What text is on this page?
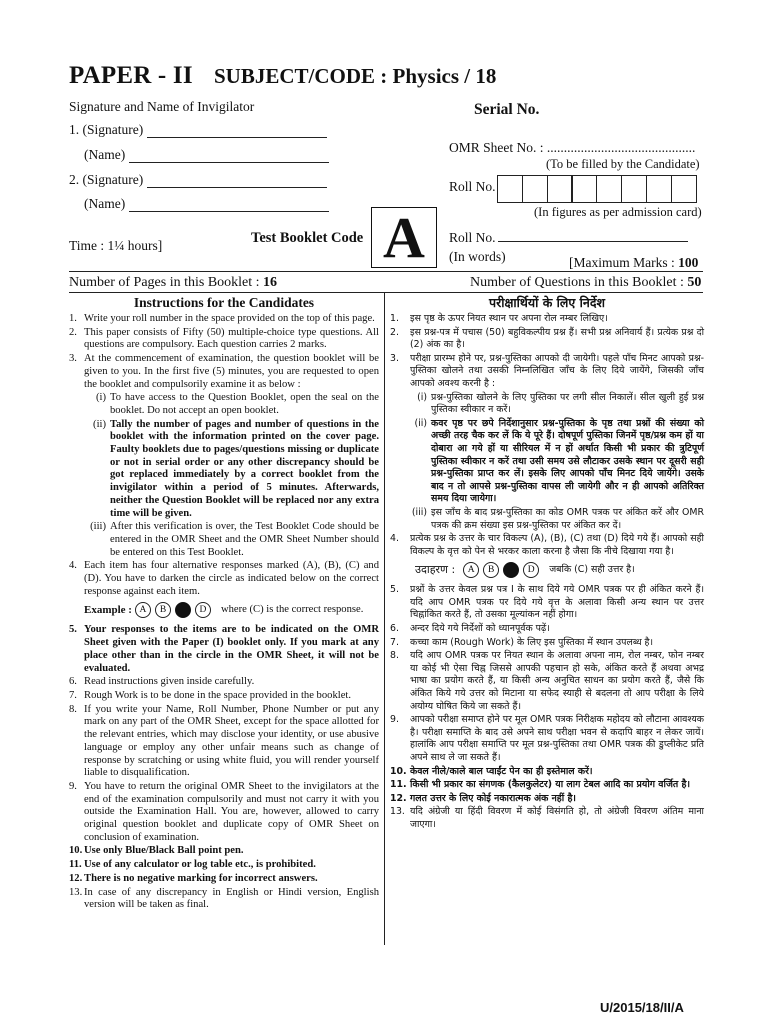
PAPER - II SUBJECT/CODE : Physics / 18
Signature and Name of Invigilator	Serial No.
1. (Signature)
(Name)
2. (Signature)
(Name)
OMR Sheet No. : ............................................
(To be filled by the Candidate)
Roll No.
(In figures as per admission card)
Test Booklet Code A
Time : 1¼ hours]
Roll No.
(In words)	[Maximum Marks : 100
Number of Pages in this Booklet : 16	Number of Questions in this Booklet : 50
Instructions for the Candidates
1. Write your roll number in the space provided on the top of this page.
2. This paper consists of Fifty (50) multiple-choice type questions. All questions are compulsory. Each question carries 2 marks.
3. At the commencement of examination, the question booklet will be given to you. In the first five (5) minutes, you are requested to open the booklet and compulsorily examine it as below :
(i) To have access to the Question Booklet, open the seal on the booklet. Do not accept an open booklet.
(ii) Tally the number of pages and number of questions in the booklet with the information printed on the cover page. Faulty booklets due to pages/questions missing or duplicate or not in serial order or any other discrepancy should be got replaced immediately by a correct booklet from the invigilator within a period of 5 minutes. Afterwards, neither the Question Booklet will be replaced nor any extra time will be given.
(iii) After this verification is over, the Test Booklet Code should be entered in the OMR Sheet and the OMR Sheet Number should be entered on this Test Booklet.
4. Each item has four alternative responses marked (A), (B), (C) and (D). You have to darken the circle as indicated below on the correct response against each item.
Example : A	B	D	where (C) is the correct response.
5. Your responses to the items are to be indicated on the OMR Sheet given with the Paper (I) booklet only. If you mark at any place other than in the circle in the OMR Sheet, it will not be evaluated.
6. Read instructions given inside carefully.
7. Rough Work is to be done in the space provided in the booklet.
8. If you write your Name, Roll Number, Phone Number or put any mark on any part of the OMR Sheet, except for the space allotted for the relevant entries, which may disclose your identity, or use abusive language or employ any other unfair means such as change of response by scratching or using white fluid, you will render yourself liable to disqualification.
9. You have to return the original OMR Sheet to the invigilators at the end of the examination compulsorily and must not carry it with you outside the Examination Hall. You are, however, allowed to carry original question booklet and duplicate copy of OMR Sheet on conclusion of examination.
10. Use only Blue/Black Ball point pen.
11. Use of any calculator or log table etc., is prohibited.
12. There is no negative marking for incorrect answers.
13. In case of any discrepancy in English or Hindi version, English version will be taken as final.
परीक्षार्थियों के लिए निर्देश
1.	इस पृष्ठ के ऊपर नियत स्थान पर अपना रोल नम्बर लिखिए।
2.	इस प्रश्न-पत्र में पचास (50) बहुविकल्पीय प्रश्न हैं। सभी प्रश्न अनिवार्य हैं। प्रत्येक प्रश्न दो (2) अंक का है।
3.	परीक्षा प्रारम्भ होने पर, प्रश्न-पुस्तिका आपको दी जायेगी। पहले पाँच मिनट आपको प्रश्न-पुस्तिका खोलने तथा उसकी निम्नलिखित जाँच के लिए दिये जायेंगे, जिसकी जाँच आपको अवश्य करनी है :
(i) प्रश्न-पुस्तिका खोलने के लिए पुस्तिका पर लगी सील निकालें। सील खुली हुई प्रश्न पुस्तिका स्वीकार न करें।
(ii) कवर पृष्ठ पर छपे निर्देशानुसार प्रश्न-पुस्तिका के पृष्ठ तथा प्रश्नों की संख्या को अच्छी तरह चैक कर लें कि ये पूरे हैं। दोषपूर्ण पुस्तिका जिनमें पृष्ठ/प्रश्न कम हों या दोबारा आ गये हों या सीरियल में न हों अर्थात किसी भी प्रकार की त्रुटिपूर्ण पुस्तिका स्वीकार न करें तथा उसी समय उसे लौटाकर उसके स्थान पर दूसरी सही प्रश्न-पुस्तिका प्राप्त कर लें। इसके लिए आपको पाँच मिनट दिये जायेंगे। उसके बाद न तो आपसे प्रश्न-पुस्तिका वापस ली जायेगी और न ही आपको अतिरिक्त समय दिया जायेगा।
(iii) इस जाँच के बाद प्रश्न-पुस्तिका का कोड OMR पत्रक पर अंकित करें और OMR पत्रक की क्रम संख्या इस प्रश्न-पुस्तिका पर अंकित कर दें।
4.	प्रत्येक प्रश्न के उत्तर के चार विकल्प (A), (B), (C) तथा (D) दिये गये हैं। आपको सही विकल्प के वृत्त को पेन से भरकर काला करना है जैसा कि नीचे दिखाया गया है।
उदाहरण :	A	B	D	जबकि (C) सही उत्तर है।
5.	प्रश्नों के उत्तर केवल प्रश्न पत्र I के साथ दिये गये OMR पत्रक पर ही अंकित करने हैं। यदि आप OMR पत्रक पर दिये गये वृत्त के अलावा किसी अन्य स्थान पर उत्तर चिह्नांकित करते हैं, तो उसका मूल्यांकन नहीं होगा।
6.	अन्दर दिये गये निर्देशों को ध्यानपूर्वक पढ़ें।
7.	कच्चा काम (Rough Work) के लिए इस पुस्तिका में स्थान उपलब्ध है।
8.	यदि आप OMR पत्रक पर नियत स्थान के अलावा अपना नाम, रोल नम्बर, फोन नम्बर या कोई भी ऐसा चिह्न जिससे आपकी पहचान हो सके, अंकित करते हैं अथवा अभद्र भाषा का प्रयोग करते हैं, या किसी अन्य अनुचित साधन का प्रयोग करते हैं, जैसे कि अंकित किये गये उत्तर को मिटाना या सफेद स्याही से बदलना तो आप परीक्षा के लिये अयोग्य घोषित किये जा सकते हैं।
9.	आपको परीक्षा समाप्त होने पर मूल OMR पत्रक निरीक्षक महोदय को लौटाना आवश्यक है। परीक्षा समाप्ति के बाद उसे अपने साथ परीक्षा भवन से कदापि बाहर न लेकर जायें। हालांकि आप परीक्षा समाप्ति पर मूल प्रश्न-पुस्तिका तथा OMR पत्रक की डुप्लीकेट प्रति अपने साथ ले जा सकते हैं।
10. केवल नीले/काले बाल प्वाईंट पेन का ही इस्तेमाल करें।
11. किसी भी प्रकार का संगणक (कैलकुलेटर) या लाग टेबल आदि का प्रयोग वर्जित है।
12. गलत उत्तर के लिए कोई नकारात्मक अंक नहीं है।
13. यदि अंग्रेजी या हिंदी विवरण में कोई विसंगति हो, तो अंग्रेजी विवरण अंतिम माना जाएगा।
U/2015/18/II/A
